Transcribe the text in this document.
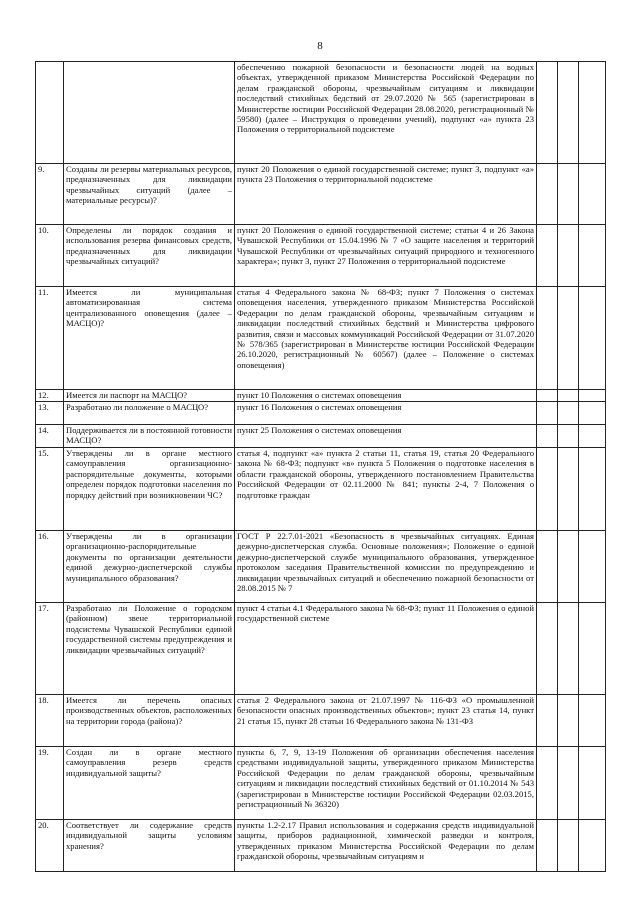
8
		обеспечению пожарной безопасности и безопасности людей на водных объектах, утвержденной приказом Министерства Российской Федерации по делам гражданской обороны, чрезвычайным ситуациям и ликвидации последствий стихийных бедствий от 29.07.2020 № 565 (зарегистрирован в Министерстве юстиции Российской Федерации 28.08.2020, регистрационный № 59580) (далее – Инструкция о проведении учений), подпункт «а» пункта 23 Положения о территориальной подсистеме			
9.	Созданы ли резервы материальных ресурсов, предназначенных для ликвидации чрезвычайных ситуаций (далее – материальные ресурсы)?	пункт 20 Положения о единой государственной системе; пункт 3, подпункт «а» пункта 23 Положения о территориальной подсистеме			
10.	Определены ли порядок создания и использования резерва финансовых средств, предназначенных для ликвидации чрезвычайных ситуаций?	пункт 20 Положения о единой государственной системе; статьи 4 и 26 Закона Чувашской Республики от 15.04.1996 № 7 «О защите населения и территорий Чувашской Республики от чрезвычайных ситуаций природного и техногенного характера»; пункт 3, пункт 27 Положения о территориальной подсистеме			
11.	Имеется ли муниципальная автоматизированная система централизованного оповещения (далее – МАСЦО)?	статья 4 Федерального закона № 68-ФЗ; пункт 7 Положения о системах оповещения населения, утвержденного приказом Министерства Российской Федерации по делам гражданской обороны, чрезвычайным ситуациям и ликвидации последствий стихийных бедствий и Министерства цифрового развития, связи и массовых коммуникаций Российской Федерации от 31.07.2020 № 578/365 (зарегистрирован в Министерстве юстиции Российской Федерации 26.10.2020, регистрационный № 60567) (далее – Положение о системах оповещения)			
12.	Имеется ли паспорт на МАСЦО?	пункт 10 Положения о системах оповещения			
13.	Разработано ли положение о МАСЦО?	пункт 16 Положения о системах оповещения			
14.	Поддерживается ли в постоянной готовности МАСЦО?	пункт 25 Положения о системах оповещения			
15.	Утверждены ли в органе местного самоуправления организационно-распорядительные документы, которыми определен порядок подготовки населения по порядку действий при возникновении ЧС?	статья 4, подпункт «а» пункта 2 статьи 11, статья 19, статья 20 Федерального закона № 68-ФЗ; подпункт «в» пункта 5 Положения о подготовке населения в области гражданской обороны, утвержденного постановлением Правительства Российской Федерации от 02.11.2000 № 841; пункты 2-4, 7 Положения о подготовке граждан			
16.	Утверждены ли в организации организационно-распорядительные документы по организации деятельности единой дежурно-диспетчерской службы муниципального образования?	ГОСТ Р 22.7.01-2021 «Безопасность в чрезвычайных ситуациях. Единая дежурно-диспетчерская служба. Основные положения»; Положение о единой дежурно-диспетчерской службе муниципального образования, утвержденное протоколом заседания Правительственной комиссии по предупреждению и ликвидации чрезвычайных ситуаций и обеспечению пожарной безопасности от 28.08.2015 № 7			
17.	Разработано ли Положение о городском (районном) звене территориальной подсистемы Чувашской Республики единой государственной системы предупреждения и ликвидации чрезвычайных ситуаций?	пункт 4 статьи 4.1 Федерального закона № 68-ФЗ; пункт 11 Положения о единой государственной системе			
18.	Имеется ли перечень опасных производственных объектов, расположенных на территории города (района)?	статья 2 Федерального закона от 21.07.1997 № 116-ФЗ «О промышленной безопасности опасных производственных объектов»; пункт 23 статья 14, пункт 21 статья 15, пункт 28 статьи 16 Федерального закона № 131-ФЗ			
19.	Создан ли в органе местного самоуправления резерв средств индивидуальной защиты?	пункты 6, 7, 9, 13-19 Положения об организации обеспечения населения средствами индивидуальной защиты, утвержденного приказом Министерства Российской Федерации по делам гражданской обороны, чрезвычайным ситуациям и ликвидации последствий стихийных бедствий от 01.10.2014 № 543 (зарегистрирован в Министерстве юстиции Российской Федерации 02.03.2015, регистрационный № 36320)			
20.	Соответствует ли содержание средств индивидуальной защиты условиям хранения?	пункты 1.2-2.17 Правил использования и содержания средств индивидуальной защиты, приборов радиационной, химической разведки и контроля, утвержденных приказом Министерства Российской Федерации по делам гражданской обороны, чрезвычайным ситуациям и			
